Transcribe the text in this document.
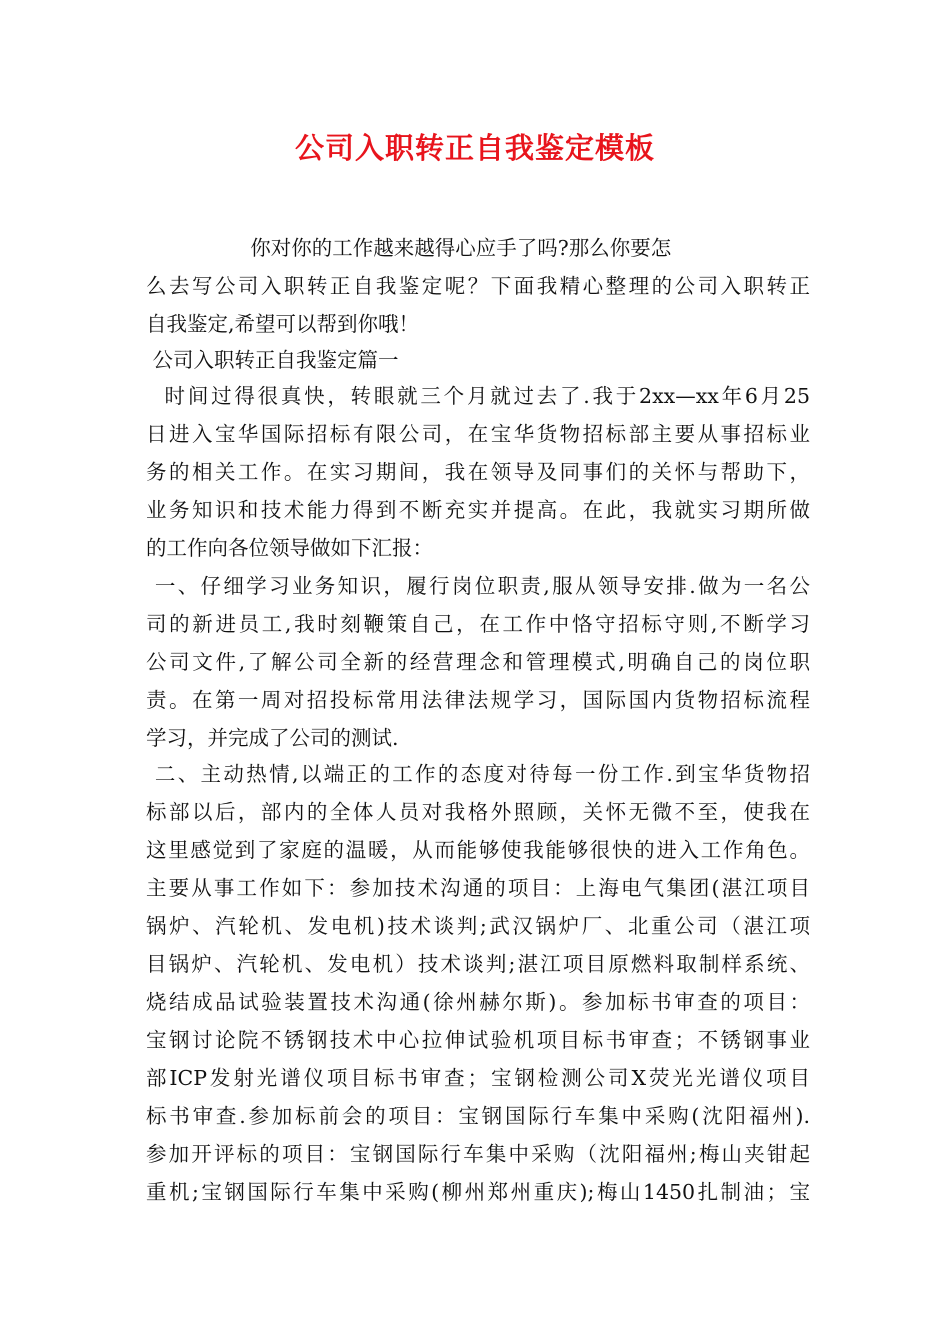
公司入职转正自我鉴定模板
你对你的工作越来越得心应手了吗?那么你要怎
么去写公司入职转正自我鉴定呢？下面我精心整理的公司入职转正
自我鉴定,希望可以帮到你哦！
公司入职转正自我鉴定篇一
时间过得很真快，转眼就三个月就过去了.我于2xx—xx年6月25
日进入宝华国际招标有限公司，在宝华货物招标部主要从事招标业
务的相关工作。在实习期间，我在领导及同事们的关怀与帮助下，
业务知识和技术能力得到不断充实并提高。在此，我就实习期所做
的工作向各位领导做如下汇报：
一、仔细学习业务知识，履行岗位职责,服从领导安排.做为一名公
司的新进员工,我时刻鞭策自己，在工作中恪守招标守则,不断学习
公司文件,了解公司全新的经营理念和管理模式,明确自己的岗位职
责。在第一周对招投标常用法律法规学习，国际国内货物招标流程
学习，并完成了公司的测试.
二、主动热情,以端正的工作的态度对待每一份工作.到宝华货物招
标部以后，部内的全体人员对我格外照顾，关怀无微不至，使我在
这里感觉到了家庭的温暖，从而能够使我能够很快的进入工作角色。
主要从事工作如下：参加技术沟通的项目：上海电气集团(湛江项目
锅炉、汽轮机、发电机)技术谈判;武汉锅炉厂、北重公司（湛江项
目锅炉、汽轮机、发电机）技术谈判;湛江项目原燃料取制样系统、
烧结成品试验装置技术沟通(徐州赫尔斯)。参加标书审查的项目：
宝钢讨论院不锈钢技术中心拉伸试验机项目标书审查；不锈钢事业
部ICP发射光谱仪项目标书审查；宝钢检测公司X荧光光谱仪项目
标书审查.参加标前会的项目：宝钢国际行车集中采购(沈阳福州).
参加开评标的项目：宝钢国际行车集中采购（沈阳福州;梅山夹钳起
重机;宝钢国际行车集中采购(柳州郑州重庆);梅山1450扎制油；宝
